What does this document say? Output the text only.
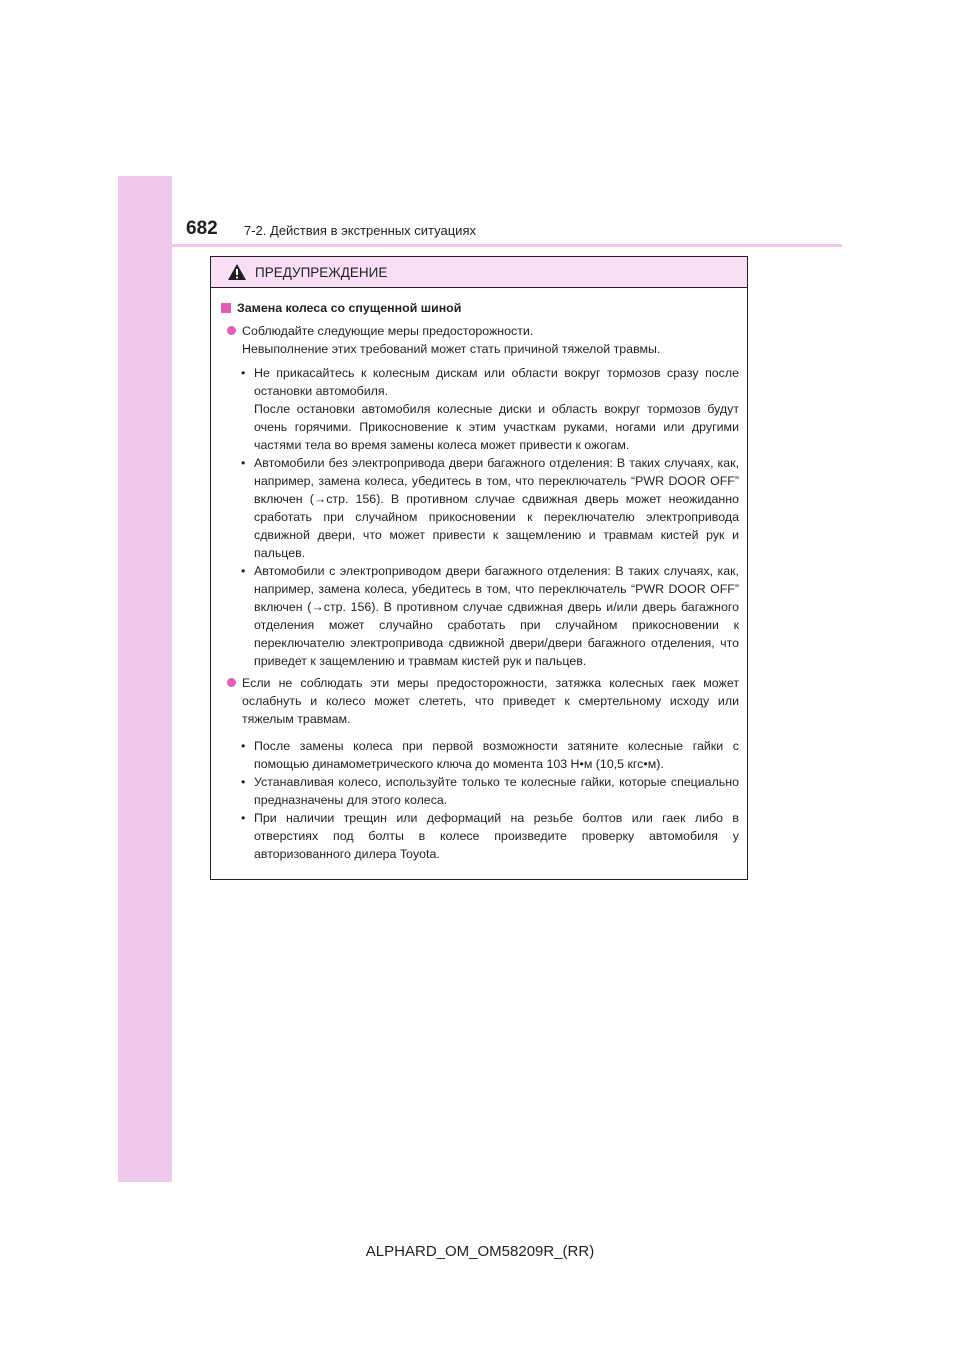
682 7-2. Действия в экстренных ситуациях
ПРЕДУПРЕЖДЕНИЕ
Замена колеса со спущенной шиной
Соблюдайте следующие меры предосторожности.
Невыполнение этих требований может стать причиной тяжелой травмы.
• Не прикасайтесь к колесным дискам или области вокруг тормозов сразу после остановки автомобиля.
После остановки автомобиля колесные диски и область вокруг тормозов будут очень горячими. Прикосновение к этим участкам руками, ногами или другими частями тела во время замены колеса может привести к ожогам.
• Автомобили без электропривода двери багажного отделения: В таких случаях, как, например, замена колеса, убедитесь в том, что переключатель “PWR DOOR OFF” включен (→стр. 156). В противном случае сдвижная дверь может неожиданно сработать при случайном прикосновении к переключателю электропривода сдвижной двери, что может привести к защемлению и травмам кистей рук и пальцев.
• Автомобили с электроприводом двери багажного отделения: В таких случаях, как, например, замена колеса, убедитесь в том, что переключатель “PWR DOOR OFF” включен (→стр. 156). В противном случае сдвижная дверь и/или дверь багажного отделения может случайно сработать при случайном прикосновении к переключателю электропривода сдвижной двери/двери багажного отделения, что приведет к защемлению и травмам кистей рук и пальцев.
Если не соблюдать эти меры предосторожности, затяжка колесных гаек может ослабнуть и колесо может слететь, что приведет к смертельному исходу или тяжелым травмам.
• После замены колеса при первой возможности затяните колесные гайки с помощью динамометрического ключа до момента 103 Н•м (10,5 кгс•м).
• Устанавливая колесо, используйте только те колесные гайки, которые специально предназначены для этого колеса.
• При наличии трещин или деформаций на резьбе болтов или гаек либо в отверстиях под болты в колесе произведите проверку автомобиля у авторизованного дилера Toyota.
ALPHARD_OM_OM58209R_(RR)
